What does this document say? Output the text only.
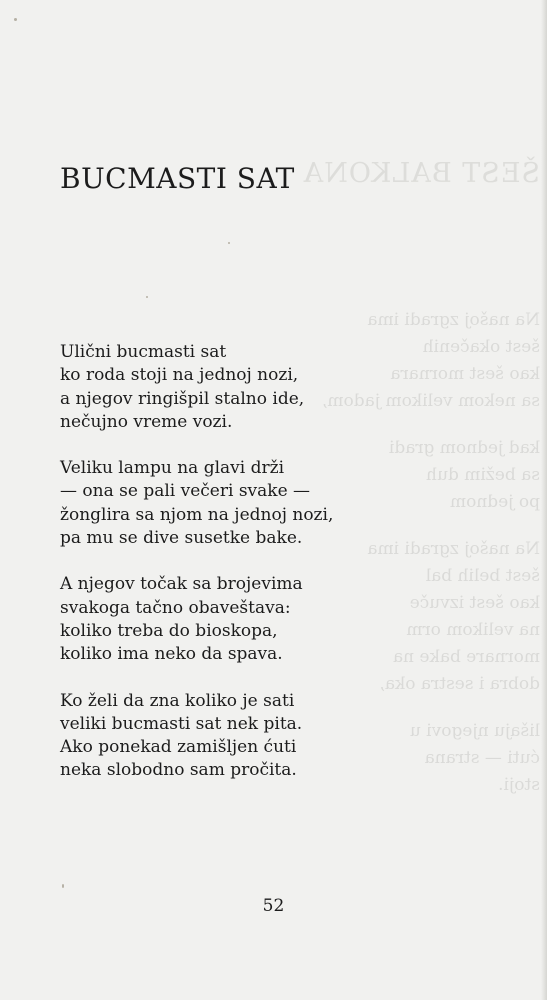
ŠEST BALKONA
Na našoj zgradi ima
šest okačenih
kao šest mornara
sa nekom velikom jadom,
kad jednom gradi
sa bežim duh
po jednom
Na našoj zgradi ima
šest belih bal
kao šest izvuče
na velikom orm
mornare bake na
dobra i sestra oka,
lišaju njegovi u
ćuti — strana
stoji.
BUCMASTI SAT
Ulični bucmasti sat
ko roda stoji na jednoj nozi,
a njegov ringišpil stalno ide,
nečujno vreme vozi.
Veliku lampu na glavi drži
— ona se pali večeri svake —
žonglira sa njom na jednoj nozi,
pa mu se dive susetke bake.
A njegov točak sa brojevima
svakoga tačno obaveštava:
koliko treba do bioskopa,
koliko ima neko da spava.
Ko želi da zna koliko je sati
veliki bucmasti sat nek pita.
Ako ponekad zamišljen ćuti
neka slobodno sam pročita.
52
